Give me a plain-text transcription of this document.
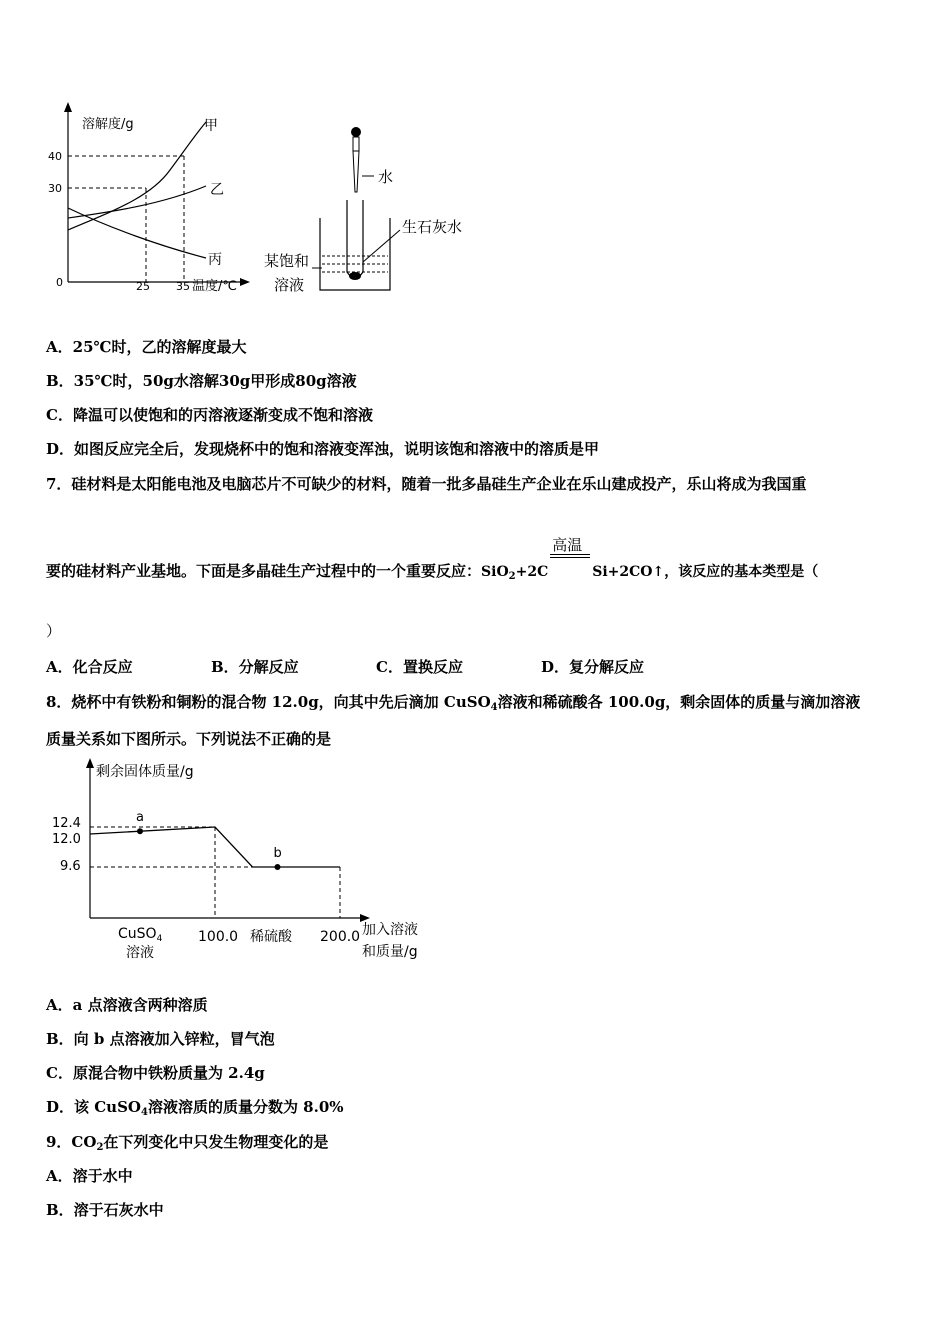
溶解度/g
0
40
30
25 35 温度/℃
甲
乙
丙
水
生石灰水
某饱和
溶液
A．25℃时，乙的溶解度最大
B．35℃时，50g水溶解30g甲形成80g溶液
C．降温可以使饱和的丙溶液逐渐变成不饱和溶液
D．如图反应完全后，发现烧杯中的饱和溶液变浑浊，说明该饱和溶液中的溶质是甲
7．硅材料是太阳能电池及电脑芯片不可缺少的材料，随着一批多晶硅生产企业在乐山建成投产，乐山将成为我国重
要的硅材料产业基地。下面是多晶硅生产过程中的一个重要反应：SiO$_2$+2C
高温
Si+2CO↑，该反应的基本类型是（
）
A．化合反应	B．分解反应	C．置换反应	D．复分解反应
8．烧杯中有铁粉和铜粉的混合物 12.0g，向其中先后滴加 CuSO$_4$溶液和稀硫酸各 100.0g，剩余固体的质量与滴加溶液
质量关系如下图所示。下列说法不正确的是
剩余固体质量/g
12.4
12.0
9.6
100.0	200.0
CuSO$_4$
溶液
稀硫酸	加入溶液
和质量/g
a
b
A．a 点溶液含两种溶质
B．向 b 点溶液加入锌粒，冒气泡
C．原混合物中铁粉质量为 2.4g
D．该 CuSO$_4$溶液溶质的质量分数为 8.0%
9．$CO_2$在下列变化中只发生物理变化的是
A．溶于水中
B．溶于石灰水中
